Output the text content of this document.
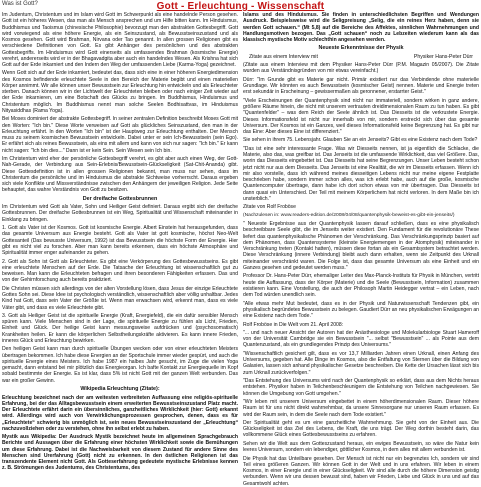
Was ist Gott?	Gott - Erleuchtung - Wissenschaft

Im Judentum, Christentum und im Islam wird Gott im Schwerpunkt als eine handelnde Person gesehen. Gott ist ein höheres Wesen, das man als Mensch ansprechen und um Hilfe bitten kann. Im Hinduismus, Buddhismus und Taoismus (chinesische Philosophie) bevorzugt man den abstrakten Gottesbegriff. Gott wird vorwiegend als eine höhere Energie, als ein Seinszustand, als Bewusstseinszustand und als Kosmos gesehen. Gott wird Brahman, Nirvana oder Tao genannt. In allen grossen Religionen gibt es verschiedene Definitionen von Gott. Es gibt Anhänger des persönlichen und des abstrakten Gottesbegriffs. Im Hinduismus wird Gott einerseits als umfassendes Brahman (kosmische Energie) verehrt, andererseits wird er in der Bhagavadgita aber auch ein handelndes Wesen. Als Krishna hat sich Gott auf der Erde inkarniert und den Indern den Weg der umfassenden Liebe (Karma-Yoga) gezeichnet.

Wenn Gott sich auf der Erde inkarniert, bedeutet das, dass sich eine in einer höheren Energiedimension des Kosmos befindende erleuchtete Seele in den Bereich der Materie begibt und einen materiellen Körper annimmt. Wir alle können unser Bewusstsein zur Erleuchtung hin entwickeln und als Erleuchteter sterben. Danach können wir in der Lichtwelt der Erleuchteten bleiben oder nach einiger Zeit wieder auf der Erde inkarnieren, um eine Botschaft des Glücks zu bringen. Im Buddhismus, Hinduismus und Christentum möglich. Im Buddhismus nennt man solche Seelen Bodhisattvas, im Hinduismus Nityasiddhas (Rama Yoga).

Bei Moses dominiert der abstrakte Gottesbegriff. In seiner zentralen Definition beschreibt Moses Gott mit den Worten: "Ich bin." Diese Worte verweisen auf Gott als glückliches Seinszustand, den man in der Erleuchtung erfährt. In den Worten "Ich bin" ist der Hauptweg zur Erleuchtung enthalten. Der Mensch muss zu seinem kosmischen Bewusstsein entwickeln. Dabei unter er sein Ich-Bewusstsein (sein Ego). Er erfährt sich als reines Bewusstsein, als eins mit allem und kann von sich nur sagen: "Ich bin." Er kann nicht sagen: "Ich bin dies..." Dann ist er kein Sein. Sein Wesen sein Ich bin.

Im Christentum wird eher der persönliche Gottesbegriff verehrt, es gibt aber auch einen Weg, der Gott-Nah-Gerade, der Verbindung aus Sein-Erlebnis/Bewusstsein-Glückseligkeit (Sat-Chit-Ananda) gibt. Diese Gottesdefinition ist in allen grossen Religionen bekannt, man muss nur sehen, dass im Christentum die persönliche und im Hinduismus die abstrakte Sichtweise vorherrscht. Daraus ergeben sich viele Konflikte und Missverständnisse zwischen den Anhängern der jeweiligen Religion. Jede Seite behauptet, das wahre Verständnis von Gott zu besitzen.

Der dreifache Gottesbrunnen

Im Christentum wird Gott als Vater, Sohn und Heiliger Geist definiert. Daraus ergibt sich der dreifache Gottesbrunnen. Der dreifache Gottesbrunnen ist ein Weg, Spiritualität und Wissenschaft miteinander in Einklang zu bringen.

1. Gott als Vater ist der Kosmos. Gott ist kosmische Energie. Albert Einstein hat herausgefunden, dass das gesamte Universum aus Energie besteht. Gott als Vater ist gott kosmische, höchst Neo-Welt Gottesanteil (Das bewusste Universum, 1992) ist das Bewusstsein die höchste Form der Energie. Hier gibt es nicht viel zu forschen. Aber man kann bereits erkennen, dass ein höchste Atmosphäre und Spiritualität immer enger aufeinander zu gehen.

2. Gott als Sohn ist Gott als Erleuchteter. Es gibt eine Verkörperung des Gottesbewusstseins. Es gibt eine erleuchtete Menschen auf der Erde. Die Tatsache der Erleuchtung ist wissenschaftlich gut zu beweisen. Man kann die Erleuchteten befragen und ihren besonderen Fähigkeiten erfassen. Das und von der Gehirnforschung auch bereits praktiziert.

Die Christen müssen sich allerdings von der alten Vorstellung lösen, dass Jesus der einzige Erleuchtete Gottes Sohn sei. Diese Idee ist psychologisch verständlich, wissenschaftlich aber völlig unhaltbar. Jedes Kind hat Gott, dass sein Vater der Größte ist. Wenn man erwachsen wird, erkennt man, dass es viele Väter gibt, und dass es viele Erleuchtete gibt.

3. Gott als Heiliger Geist ist die spirituelle Energie (Kraft, Energiefeld), die ein dafür sensibler Mensch spüren kann. Viele Menschen sind in der Lage, die spirituelle Energie zu fühlen als Licht, Frieden, Einheit und Glück. Der heilige Geist kann messungsweise aufdrücken und (psychosomatisch) Krankheiten heilen. Er kann die körperlichen Selbstheilungskräfte aktivieren. Es kann innere Frieden, inneres Glück und Erleuchtung bewirken.

Den heiligen Geist kann man durch spirituelle Übungen wecken oder von einer erleuchteten Meisters übertragen bekommen. Ich habe diese Energien an der Sportschule immer wieder gespürt, und auch die spirituelle Energie eines Meisters. Ich habe 1987 ein halbes Jahr gesucht, im Zuge die vielen Yoga gemacht, dann entstand bei mir plötzlich das Energieorgan. Ich bafte Kontakt zur Energiequelle im Kopf sobald bestimmte der Energie. Es ist klar, dass 5% ist nicht Gott mit der ganzen Welt verbunden. Das war ein großer Gewinn.

Wikipedia Erleuchtung (Zitate):

Erleuchtung bezeichnet nach der am weitesten verbreiteten Auffassung eine religiös-spirituelle Erfahrung, bei der das Alltagsbewusstsein einem erweiterten Bewusstseinszustand Platz macht. Der Erleuchtete erfährt darin ein übersinnliches, ganzheitliches Wirklichkeit (hier: Gott) erkannt wird. Allerdings wird auch von Verwirklichungsprozessen gesprochen, denen, dass es für „Erleuchtete“ schwierig bis unmöglich ist, sein neues Bewusstseinszustand der „Erleuchtung“ nachzuvollziehen oder zu verstehen, ohne ihn selbst erlebt zu haben.

Mystik aus Wikipedia: Der Ausdruck Mystik bezeichnet heute im allgemeinen Sprachgebrauch Berichte und Aussagen über die Erfahrung einer höchsten Wirklichkeit sowie die Bemühungen um diese Erfahrung. Dabei ist die Nachweisbarkeit von diesem Zustand für andere Sinne des Menschen sind Urerfahrung (Gott) nicht zu erkennen. In den östlichen Religionen ist das transzendente Element nicht Gott. Als Gotteserfahrung gedeutete mystische Erlebnisse kennen z. B. Strömungen des Judentums, des Christentums, des

Islams und des Hinduismus. Sie finden in unterschiedlichsten Begriffen und Wendungen Ausdruck. Beispielsweise wird die Seligpreisung „Selig, die ein reines Herz haben, denn sie werden Gott schauen.“ (Mt 5,8) auf die Bereiche des Affektes, sinnlichen Wahrnehmungen und Handlungsmotiven bezogen. Das „Gott schauen“ noch zu Lebzeiten wiederum kann als das klassisch mystische Motiv schlechthin angesehen werden.

Neueste Erkenntnisse der Physik

Zitate aus einem Interview mit	Physiker Hans-Peter Dürr

(Zitate aus einem Interview mit dem Physiker Hans-Peter Dürr (P.M. Magazin 05/2007). Die Zitate wurden aus Verständnisgründen von mir etwas vereinfacht.)

Dürr: "Im Grunde gibt es Materie gar nicht. Primär existiert nur das Verbindende ohne materielle Grundlage. Wir könnten es auch Bewusstsein (kosmischer Geist) nennen. Materie und Energie treten erst sekundär in Erscheinung – gewissermaßen als geronnener, erstarrter Geist."

"Viele Erscheinungen der Quantenphysik sind nicht nur immateriell, sondern wirken in ganz andere, größere Räume hinein, die nicht mit unserem vertrauten dreidimensionalen Raum zu tun haben. Es gibt "Quantenfelder" – was dem Reich der Seele ähnlich ist. Das Diesseits ist die verkrustete Energie. Dieses Informationsfeld ist nicht nur innerhalb von mir, sondern erstreckt sich über das gesamte Universum. Der Kosmos ist ein Ganzes, weil dieses Informationsfeld keine Begrenzung hat. Es gibt nur das Eine: Aber dieses Eine ist differenziert."

Sie sehen in ihrem 75. Lebensjahr. Glauben Sie an ein Jenseits? Gibt es eine Existenz nach dem Tode?

"Das ist eine sehr interessante Frage. Was wir Diesseits nennen, ist ja eigentlich die Schlacke, die Materie, also das, was greifbar ist. Das Jenseits ist die umfassende Wirklichkeit, das viel Größere. Das, worin das Diesseits eingebettet ist. Das Diesseits hat seine Begrenzungen. Unser Leben besteht schon jetzt nicht nur aus dem Diesseits. Das Jenseits ist eine Realität, die wir im Diesseits erfassen. Wenn ich mir also vorstelle, dass ich während meines diesseitigen Lebens nicht nur meine eigene Festplatte beschrieben habe, sondern immer schon alles, was ich erlebt habe, auch auf die große, kosmische Quantencomputer übertrage, dann habe ich dort schon etwas von mir übertragen. Das Diesseits ist dann quasi ein Unterschied. Der Teil mit meinem Körperlichem hat nicht verloren. In dem Maße bin ich unsterblich."

Zitate von Rolf Froböse

(Nachzulesen in: www.readers-edition.de/2008/04/08/quantenphysik-beweist-es-gibt-ein-jenseits/)

" Neueste Ergebnisse aus der Quantenphysik lassen darauf schließen, dass es eine physikalisch beschreibbare Seele gibt, die im Jenseits weiter existiert. Den Fundament für die revolutionäre These liefert das quantenphysikalische Phänomen der Verschränkung. Das Verschränkungsprinzip basiert auf dem Phänomen, dass Quantensysteme (kleinste Energiemengen in der Atomphysik) miteinander in Verschränkung treten (Kontakt hatten), müssen diese fortan als ein Gesamtsystem betrachtet werden. Diese Verschränkung (innere Verbindung) bleibt auch dann erhalten, wenn sie Zeitpunkt des Urknall miteinander verschränkt waren. Die Folge ist, dass das gesamte Universum als eine Einheit und ein Ganzes gesehen und gedeutet werden muss."

Professor Dr. Hans-Peter Dürr, ehemaliger Leiter des Max-Planck-Instituts für Physik in München, vertritt heute die Auffassung, dass der Körper (Materie) und die Seele (Bewusstsein, Information) zusammen existieren kann. Eine Vorstellung, die auch der Philosoph Martin Heidegger vertrat – ein Leben, nach dem Tod würden unendlich sein.

"Alle etwas mehr Mut bedeutet, dass es in der Physik und Naturwissenschaft Tendenzen gibt, ein physikalisch begründetes Bewusstsein zu belegen. Gaudiert Dürr an neu physikalischen Erwägungen an eine Existenz nach dem Tode."

Rolf Froböse in Die Welt vom 21. April 2008:

"... und nach neuer Ansicht der Autoren hat der Anästhesiologe und Molekularbiologe Stuart Hameroff von der Universität Cambridge sie ein Bewusstsein "... selbst "Bewusstsein" ... als Pointe aus dem Quantenzustand, als ein grundlegendes Prinzip des Universums."

"Wissenschaftlich gesichert gilt, dass es vor 13,7 Milliarden Jahren einen Urknall, einen Anfang des Universums, gegeben hat. Alle Dinge im Kosmos, also die Entfaltung von Sternen über die Bildung von Galaxien, lassen sich anhand physikalischer Gesetze beschreiben. Die Kette der Ursachen lässt sich bis zum Urknall zurückverfolgen."

"Das Entstehung des Universums wird nach der Quantenphysik so erklärt, dass aus dem Nichts heraus entstehen. Physiker haben in Teilchenbeschleunigern die Entstehung von Teilchen nachgewiesen. Sie können die Umgebung von Gott umgehen."

"Wir leben mit unserem Universum eingebettet in einem höherdimensionalen Raum. Dieser höhere Raum ist für uns nicht direkt wahrnehmbar, da unsere Sinnesorgane nur unseren Raum erfassen. Es wird der Raum sein, in dem die Seele nach dem Tode existiert."

Der Spiritualität geht es um eine ganzheitliche Wahrnehmung. Sie geht von der Einheit aus. Die Glückseligkeit ist das Ziel des Lebens, die Kraft, die uns trägt. Der Weg dorthin besteht darin, das vollkommene Glück eines Gottesbewusstseins zu erfahren.

Sehen wir die Welt aus dem Gotteszustand heraus, ein ewiges Bewusstsein, so wäre die Natur kein leeres Universum, sondern ein lebendiger, göttlicher Kosmos, in dem alles mit allem verbunden ist.

Die Physik hat das Unteilbare gesehen. Der Mensch ist nicht nur ein begrenztes Ich, sondern wir sind Teil eines größeren Ganzen. Wir können Gott in der Welt und in uns erfahren. Wir leben in einem Kosmos, in einer Energie und in einer Glückseligkeit. Wir sind alle durch die höhere Dimension geistig verbunden. Wenn wir uns dessen bewusst sind, haben wir Frieden, Liebe und Glück in uns und auf das Gesamtwohl achten.
